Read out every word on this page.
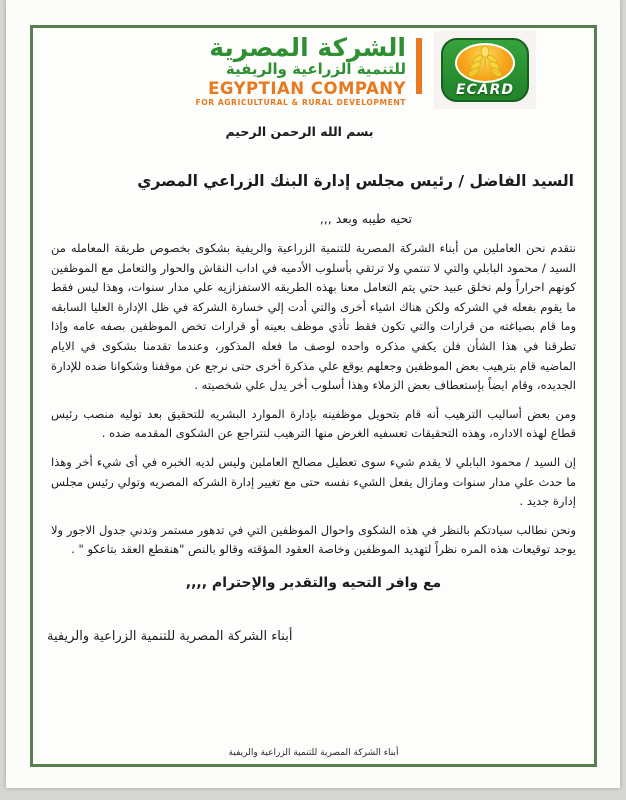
الشركة المصرية
للتنمية الزراعية والريفية
EGYPTIAN COMPANY
FOR AGRICULTURAL & RURAL DEVELOPMENT
ECARD
بسم الله الرحمن الرحيم
السيد الفاضل / رئيس مجلس إدارة البنك الزراعي المصري
تحيه طيبه وبعد ,,,

نتقدم نحن العاملين من أبناء الشركة المصرية للتنمية الزراعية والريفية بشكوى بخصوص طريقة المعامله من السيد / محمود البابلي والتي لا تنتمي ولا ترتقي بأسلوب الأدميه في اداب النقاش والحوار والتعامل مع الموظفين كونهم احراراً ولم نخلق عبيد حتي يتم التعامل معنا بهذه الطريقه الاستفزازيه علي مدار سنوات، وهذا ليس فقط ما يقوم بفعله في الشركه ولكن هناك اشياء أخرى والتي أدت إلي خسارة الشركة في ظل الإدارة العليا السابقه وما قام بصياغته من قرارات والتي تكون فقط تأذي موظف بعينه أو قرارات تخص الموظفين بصفه عامه وإذا تطرقنا في هذا الشأن فلن يكفي مذكره واحده لوصف ما فعله المذكور، وعندما تقدمنا بشكوى في الايام الماضيه قام بترهيب بعض الموظفين وجعلهم يوقع علي مذكرة أخرى حتى نرجع عن موقفنا وشكوانا ضده للإدارة الجديده، وقام ايضاً بإستعطاف بعض الزملاء وهذا أسلوب أخر يدل علي شخصيته .

ومن بعض أساليب الترهيب أنه قام بتحويل موظفينه بإدارة الموارد البشريه للتحقيق بعد توليه منصب رئيس قطاع لهذه الاداره، وهذه التحقيقات تعسفيه الغرض منها الترهيب لنتراجع عن الشكوى المقدمه ضده .

إن السيد / محمود البابلي لا يقدم شيء سوى تعطيل مصالح العاملين وليس لديه الخبره في أى شيء أخر وهذا ما حدث علي مدار سنوات ومازال يفعل الشيء نفسه حتى مع تغيير إدارة الشركه المصريه وتولي رئيس مجلس إدارة جديد .

ونحن نطالب سيادتكم بالنظر في هذه الشكوى واحوال الموظفين التي في تدهور مستمر وتدني جدول الاجور ولا يوجد توقيعات هذه المره نظراً لتهديد الموظفين وخاصة العقود المؤقته وقالو بالنص "هنقطع العقد بتاعكو " .

مع وافر التحيه والتقدير والإحترام ,,,,
أبناء الشركة المصرية للتنمية الزراعية والريفية
أبناء الشركة المصرية للتنمية الزراعية والريفية
